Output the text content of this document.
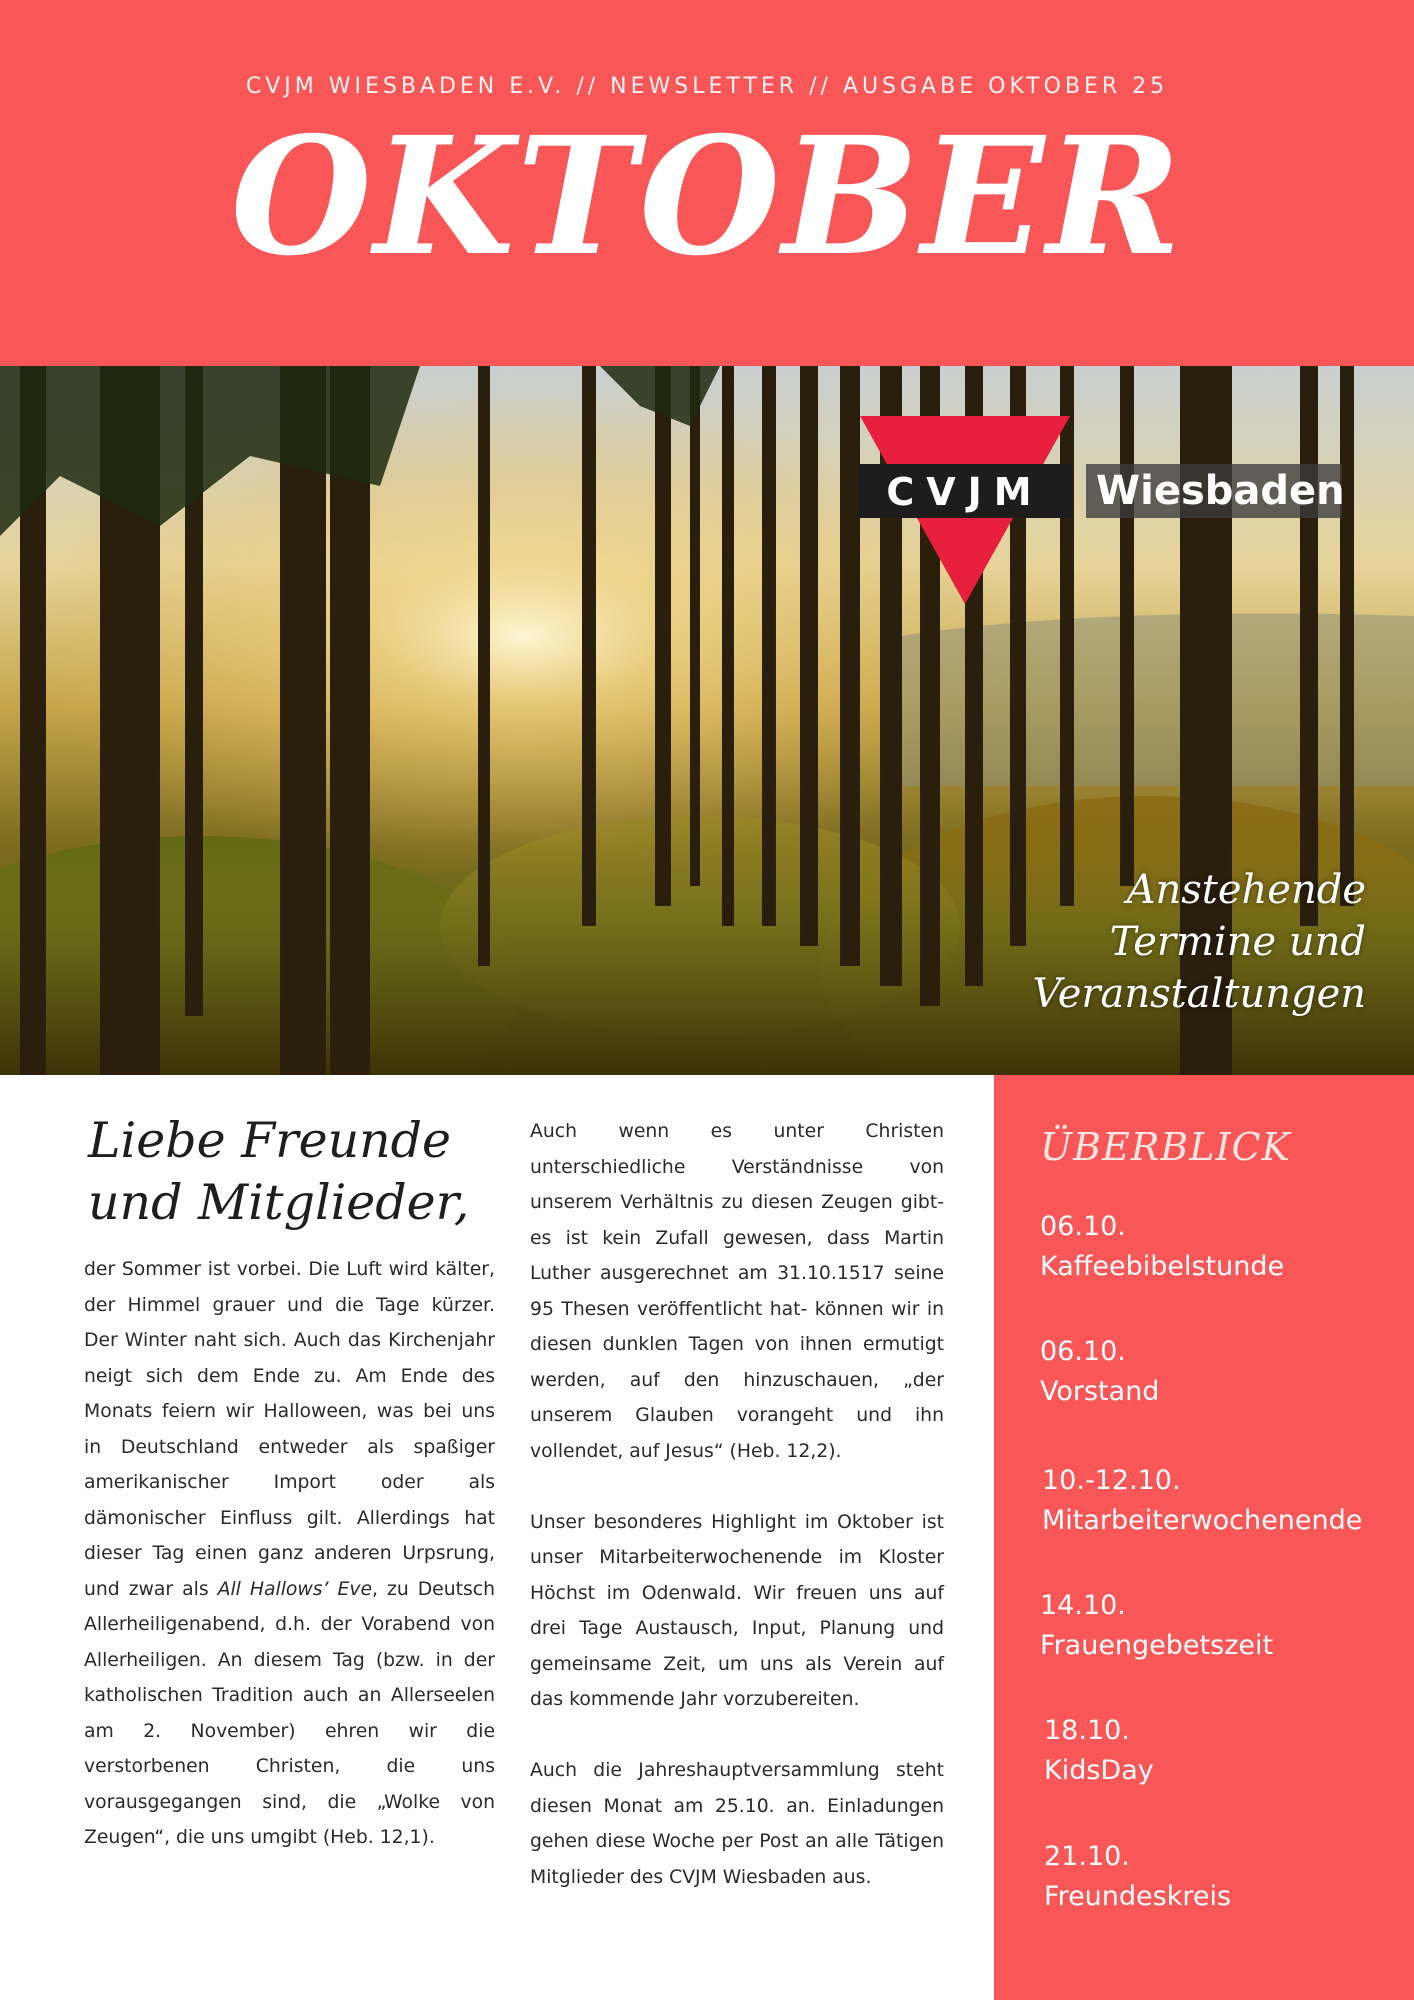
CVJM WIESBADEN E.V. // NEWSLETTER // AUSGABE OKTOBER 25
OKTOBER
CVJM	Wiesbaden
Anstehende
Termine und
Veranstaltungen
Liebe Freunde
und Mitglieder,

der Sommer ist vorbei. Die Luft wird kälter, der Himmel grauer und die Tage kürzer. Der Winter naht sich. Auch das Kirchenjahr neigt sich dem Ende zu. Am Ende des Monats feiern wir Halloween, was bei uns in Deutschland entweder als spaßiger amerikanischer Import oder als dämonischer Einfluss gilt. Allerdings hat dieser Tag einen ganz anderen Urpsrung, und zwar als All Hallows’ Eve, zu Deutsch Allerheiligenabend, d.h. der Vorabend von Allerheiligen. An diesem Tag (bzw. in der katholischen Tradition auch an Allerseelen am 2. November) ehren wir die verstorbenen Christen, die uns vorausgegangen sind, die „Wolke von Zeugen“, die uns umgibt (Heb. 12,1).

Auch wenn es unter Christen unterschiedliche Verständnisse von unserem Verhältnis zu diesen Zeugen gibt- es ist kein Zufall gewesen, dass Martin Luther ausgerechnet am 31.10.1517 seine 95 Thesen veröffentlicht hat- können wir in diesen dunklen Tagen von ihnen ermutigt werden, auf den hinzuschauen, „der unserem Glauben vorangeht und ihn vollendet, auf Jesus“ (Heb. 12,2).

Unser besonderes Highlight im Oktober ist unser Mitarbeiterwochenende im Kloster Höchst im Odenwald. Wir freuen uns auf drei Tage Austausch, Input, Planung und gemeinsame Zeit, um uns als Verein auf das kommende Jahr vorzubereiten.

Auch die Jahreshauptversammlung steht diesen Monat am 25.10. an. Einladungen gehen diese Woche per Post an alle Tätigen Mitglieder des CVJM Wiesbaden aus.

ÜBERBLICK
06.10.
Kaffeebibelstunde
06.10.
Vorstand
10.-12.10.
Mitarbeiterwochenende
14.10.
Frauengebetszeit
18.10.
KidsDay
21.10.
Freundeskreis
